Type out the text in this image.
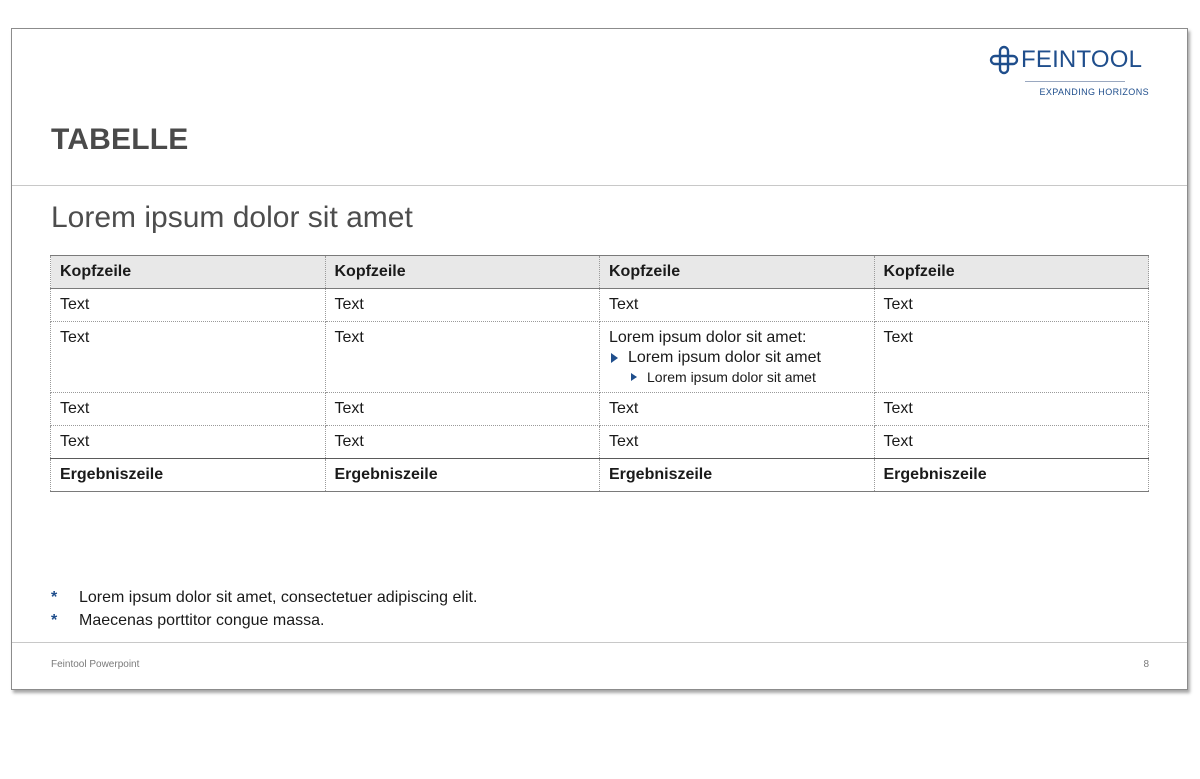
FEINTOOL
EXPANDING HORIZONS
TABELLE
Lorem ipsum dolor sit amet
Kopfzeile	Kopfzeile	Kopfzeile	Kopfzeile
Text	Text	Text	Text
Text	Text	Lorem ipsum dolor sit amet:
Lorem ipsum dolor sit amet
Lorem ipsum dolor sit amet	Text
Text	Text	Text	Text
Text	Text	Text	Text
Ergebniszeile	Ergebniszeile	Ergebniszeile	Ergebniszeile
*	Lorem ipsum dolor sit amet, consectetuer adipiscing elit.
*	Maecenas porttitor congue massa.
Feintool Powerpoint	8
